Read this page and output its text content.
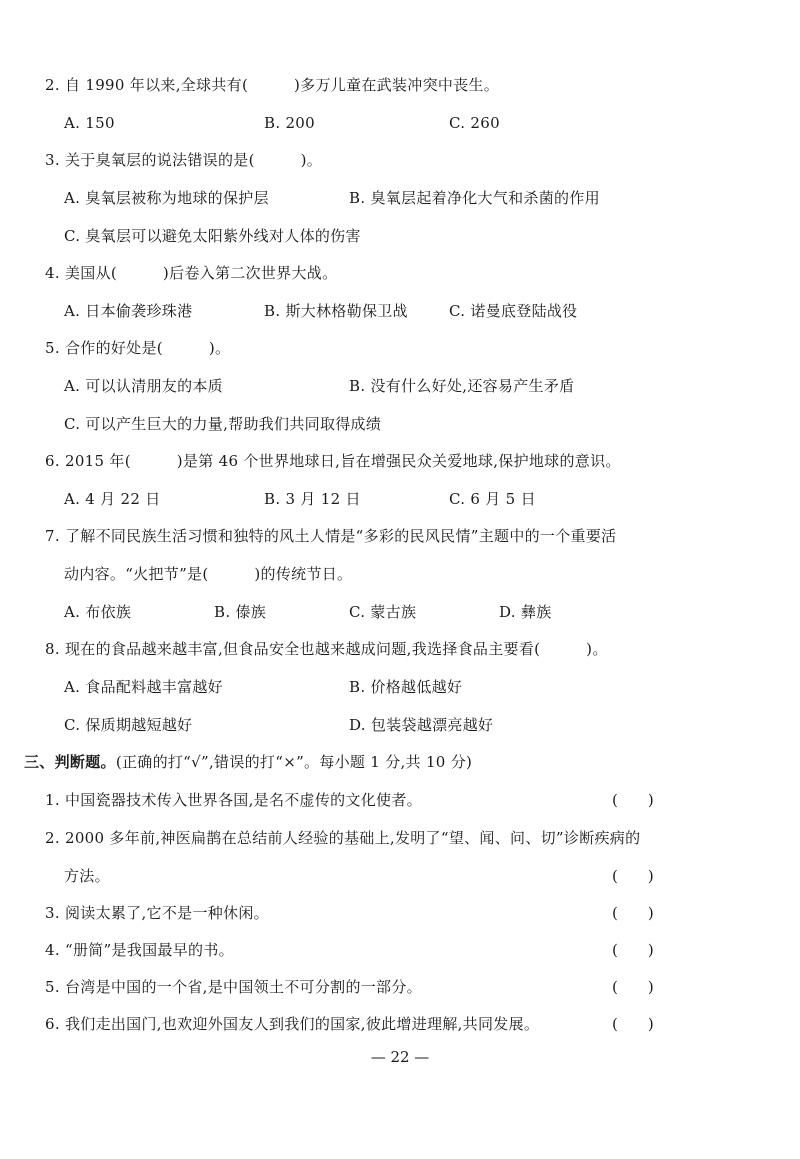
2. 自 1990 年以来,全球共有(　　　)多万儿童在武装冲突中丧生。
A. 150	B. 200	C. 260
3. 关于臭氧层的说法错误的是(　　　)。
A. 臭氧层被称为地球的保护层	B. 臭氧层起着净化大气和杀菌的作用
C. 臭氧层可以避免太阳紫外线对人体的伤害
4. 美国从(　　　)后卷入第二次世界大战。
A. 日本偷袭珍珠港	B. 斯大林格勒保卫战	C. 诺曼底登陆战役
5. 合作的好处是(　　　)。
A. 可以认清朋友的本质	B. 没有什么好处,还容易产生矛盾
C. 可以产生巨大的力量,帮助我们共同取得成绩
6. 2015 年(　　　)是第 46 个世界地球日,旨在增强民众关爱地球,保护地球的意识。
A. 4 月 22 日	B. 3 月 12 日	C. 6 月 5 日
7. 了解不同民族生活习惯和独特的风土人情是“多彩的民风民情”主题中的一个重要活
动内容。“火把节”是(　　　)的传统节日。
A. 布依族	B. 傣族	C. 蒙古族	D. 彝族
8. 现在的食品越来越丰富,但食品安全也越来越成问题,我选择食品主要看(　　　)。
A. 食品配料越丰富越好	B. 价格越低越好
C. 保质期越短越好	D. 包装袋越漂亮越好
三、判断题。(正确的打“√”,错误的打“×”。每小题 1 分,共 10 分)
1. 中国瓷器技术传入世界各国,是名不虚传的文化使者。	(　　)
2. 2000 多年前,神医扁鹊在总结前人经验的基础上,发明了“望、闻、问、切”诊断疾病的
方法。	(　　)
3. 阅读太累了,它不是一种休闲。	(　　)
4. “册简”是我国最早的书。	(　　)
5. 台湾是中国的一个省,是中国领土不可分割的一部分。	(　　)
6. 我们走出国门,也欢迎外国友人到我们的国家,彼此增进理解,共同发展。	(　　)
— 22 —
